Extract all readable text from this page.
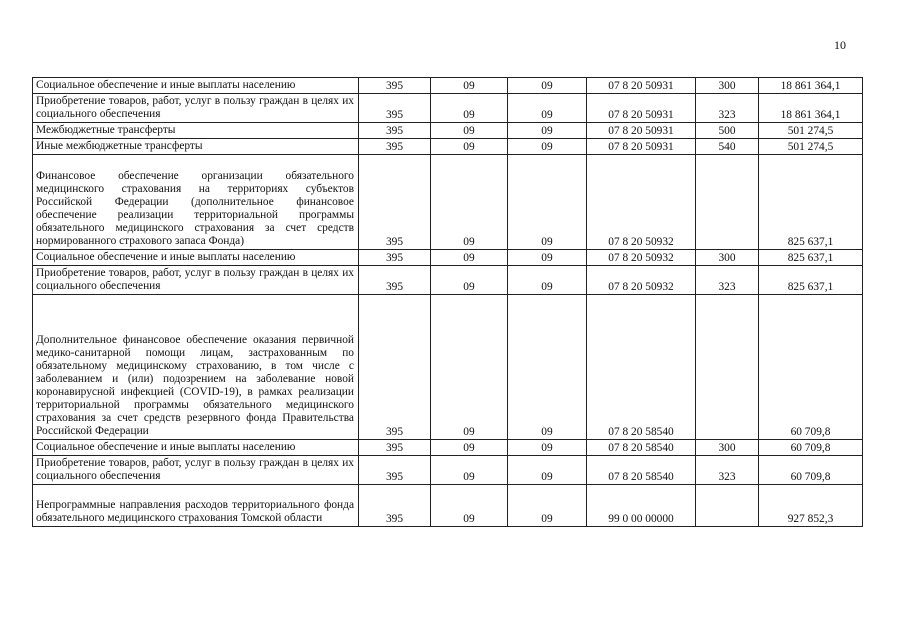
10
Социальное обеспечение и иные выплаты населению	395	09	09	07 8 20 50931	300	18 861 364,1
Приобретение товаров, работ, услуг в пользу граждан в целях их социального обеспечения	395	09	09	07 8 20 50931	323	18 861 364,1
Межбюджетные трансферты	395	09	09	07 8 20 50931	500	501 274,5
Иные межбюджетные трансферты	395	09	09	07 8 20 50931	540	501 274,5
Финансовое обеспечение организации обязательного медицинского страхования на территориях субъектов Российской Федерации (дополнительное финансовое обеспечение реализации территориальной программы обязательного медицинского страхования за счет средств нормированного страхового запаса Фонда)	395	09	09	07 8 20 50932		825 637,1
Социальное обеспечение и иные выплаты населению	395	09	09	07 8 20 50932	300	825 637,1
Приобретение товаров, работ, услуг в пользу граждан в целях их социального обеспечения	395	09	09	07 8 20 50932	323	825 637,1
Дополнительное финансовое обеспечение оказания первичной медико-санитарной помощи лицам, застрахованным по обязательному медицинскому страхованию, в том числе с заболеванием и (или) подозрением на заболевание новой коронавирусной инфекцией (COVID-19), в рамках реализации территориальной программы обязательного медицинского страхования за счет средств резервного фонда Правительства Российской Федерации	395	09	09	07 8 20 58540		60 709,8
Социальное обеспечение и иные выплаты населению	395	09	09	07 8 20 58540	300	60 709,8
Приобретение товаров, работ, услуг в пользу граждан в целях их социального обеспечения	395	09	09	07 8 20 58540	323	60 709,8
Непрограммные направления расходов территориального фонда обязательного медицинского страхования Томской области	395	09	09	99 0 00 00000		927 852,3
